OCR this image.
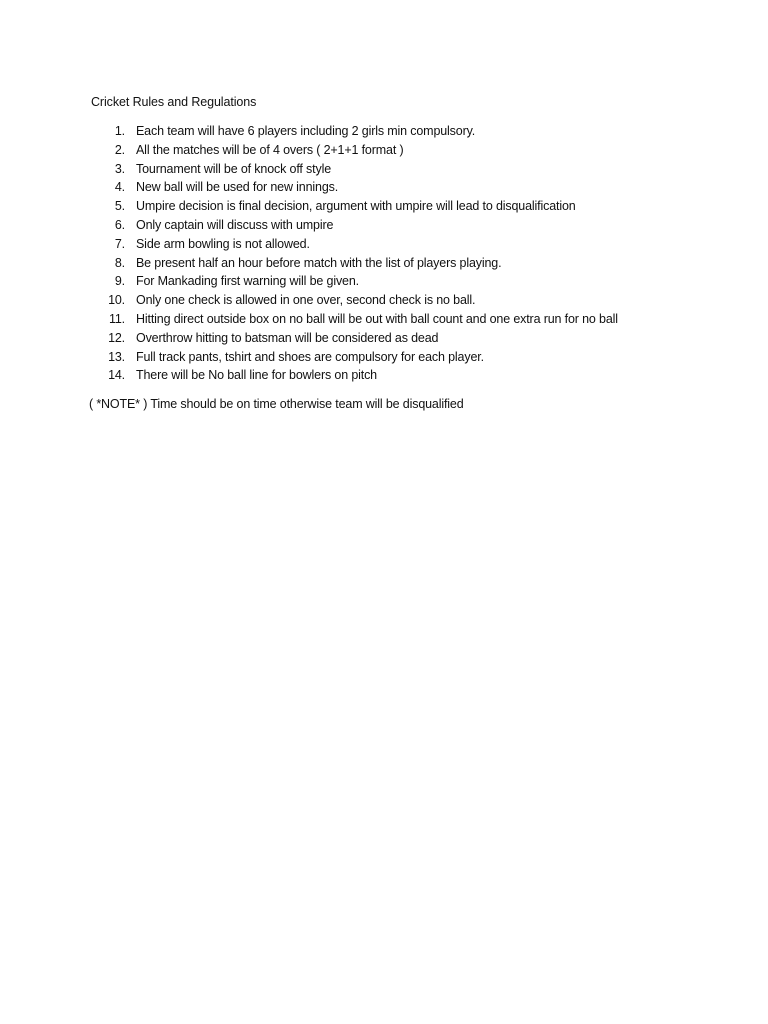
Cricket Rules and Regulations
1. Each team will have 6 players including 2 girls min compulsory.
2. All the matches will be of 4 overs ( 2+1+1 format )
3. Tournament will be of knock off style
4. New ball will be used for new innings.
5. Umpire decision is final decision, argument with umpire will lead to disqualification
6. Only captain will discuss with umpire
7. Side arm bowling is not allowed.
8. Be present half an hour before match with the list of players playing.
9. For Mankading first warning will be given.
10. Only one check is allowed in one over, second check is no ball.
11. Hitting direct outside box on no ball will be out with ball count and one extra run for no ball
12. Overthrow hitting to batsman will be considered as dead
13. Full track pants, tshirt and shoes are compulsory for each player.
14. There will be No ball line for bowlers on pitch
( *NOTE* ) Time should be on time otherwise team will be disqualified
